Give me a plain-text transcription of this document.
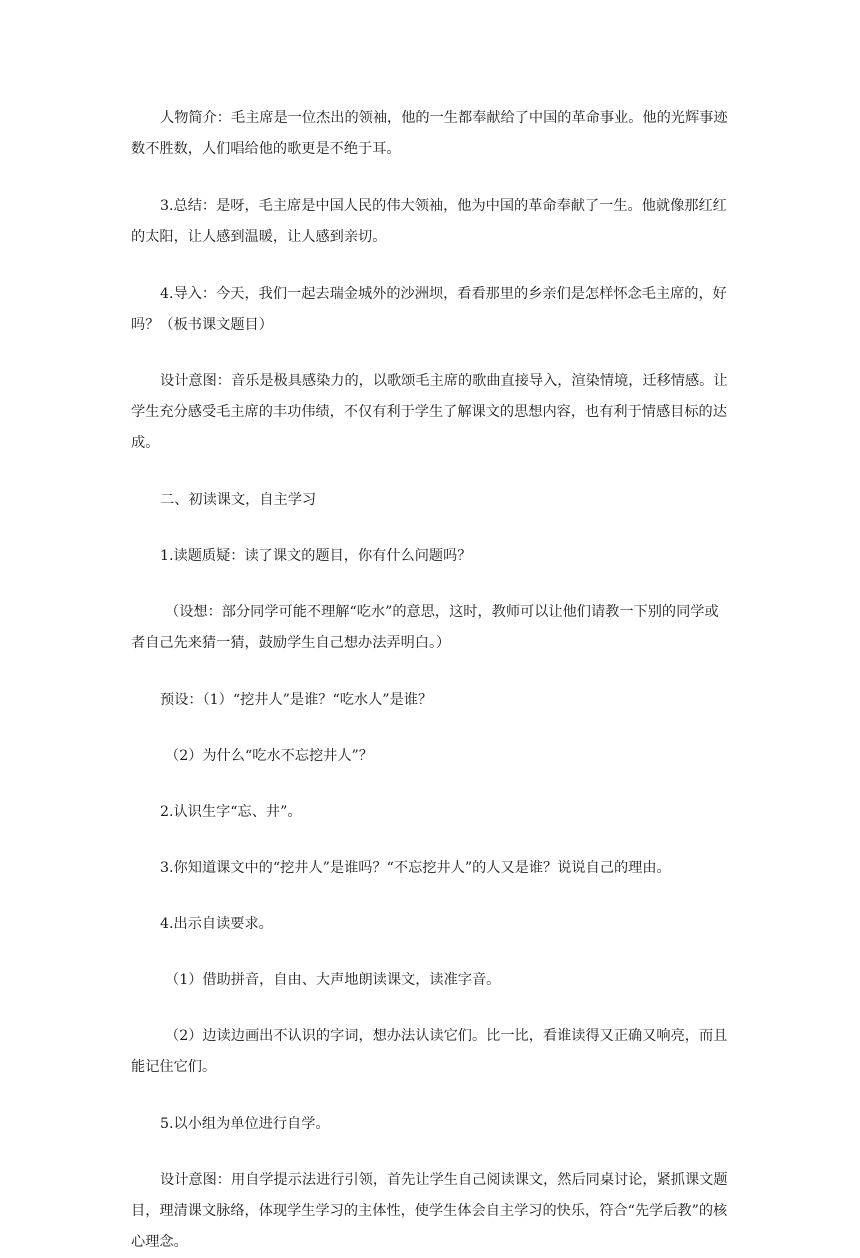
人物简介：毛主席是一位杰出的领袖，他的一生都奉献给了中国的革命事业。他的光辉事迹数不胜数，人们唱给他的歌更是不绝于耳。

3.总结：是呀，毛主席是中国人民的伟大领袖，他为中国的革命奉献了一生。他就像那红红的太阳，让人感到温暖，让人感到亲切。

4.导入：今天，我们一起去瑞金城外的沙洲坝，看看那里的乡亲们是怎样怀念毛主席的，好吗？（板书课文题目）

设计意图：音乐是极具感染力的，以歌颂毛主席的歌曲直接导入，渲染情境，迁移情感。让学生充分感受毛主席的丰功伟绩，不仅有利于学生了解课文的思想内容，也有利于情感目标的达成。

二、初读课文，自主学习

1.读题质疑：读了课文的题目，你有什么问题吗？

（设想：部分同学可能不理解“吃水”的意思，这时，教师可以让他们请教一下别的同学或者自己先来猜一猜，鼓励学生自己想办法弄明白。）

预设：（1）“挖井人”是谁？“吃水人”是谁？

（2）为什么“吃水不忘挖井人”？

2.认识生字“忘、井”。

3.你知道课文中的“挖井人”是谁吗？“不忘挖井人”的人又是谁？说说自己的理由。

4.出示自读要求。

（1）借助拼音，自由、大声地朗读课文，读准字音。

（2）边读边画出不认识的字词，想办法认读它们。比一比，看谁读得又正确又响亮，而且能记住它们。

5.以小组为单位进行自学。

设计意图：用自学提示法进行引领，首先让学生自己阅读课文，然后同桌讨论，紧抓课文题目，理清课文脉络，体现学生学习的主体性，使学生体会自主学习的快乐，符合“先学后教”的核心理念。
